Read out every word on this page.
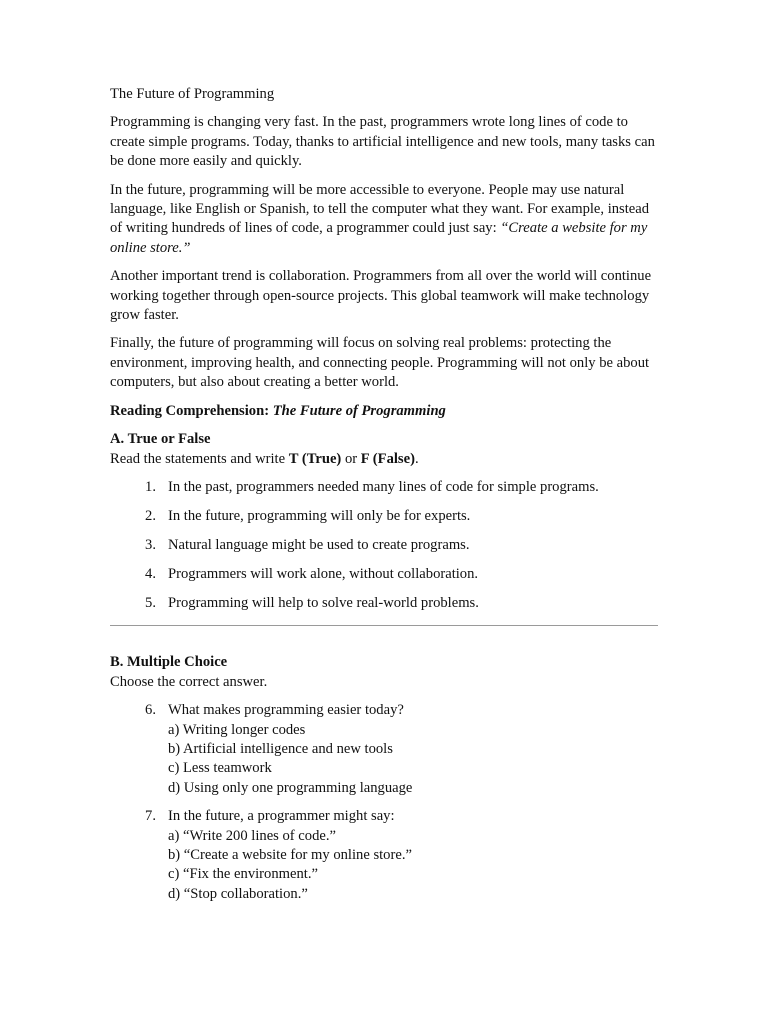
The Future of Programming

Programming is changing very fast. In the past, programmers wrote long lines of code to create simple programs. Today, thanks to artificial intelligence and new tools, many tasks can be done more easily and quickly.

In the future, programming will be more accessible to everyone. People may use natural language, like English or Spanish, to tell the computer what they want. For example, instead of writing hundreds of lines of code, a programmer could just say: “Create a website for my online store.”

Another important trend is collaboration. Programmers from all over the world will continue working together through open-source projects. This global teamwork will make technology grow faster.

Finally, the future of programming will focus on solving real problems: protecting the environment, improving health, and connecting people. Programming will not only be about computers, but also about creating a better world.

Reading Comprehension: The Future of Programming
A. True or False
Read the statements and write T (True) or F (False).
1. In the past, programmers needed many lines of code for simple programs.
2. In the future, programming will only be for experts.
3. Natural language might be used to create programs.
4. Programmers will work alone, without collaboration.
5. Programming will help to solve real-world problems.
B. Multiple Choice
Choose the correct answer.
6. What makes programming easier today?
a) Writing longer codes
b) Artificial intelligence and new tools
c) Less teamwork
d) Using only one programming language
7. In the future, a programmer might say:
a) “Write 200 lines of code.”
b) “Create a website for my online store.”
c) “Fix the environment.”
d) “Stop collaboration.”
